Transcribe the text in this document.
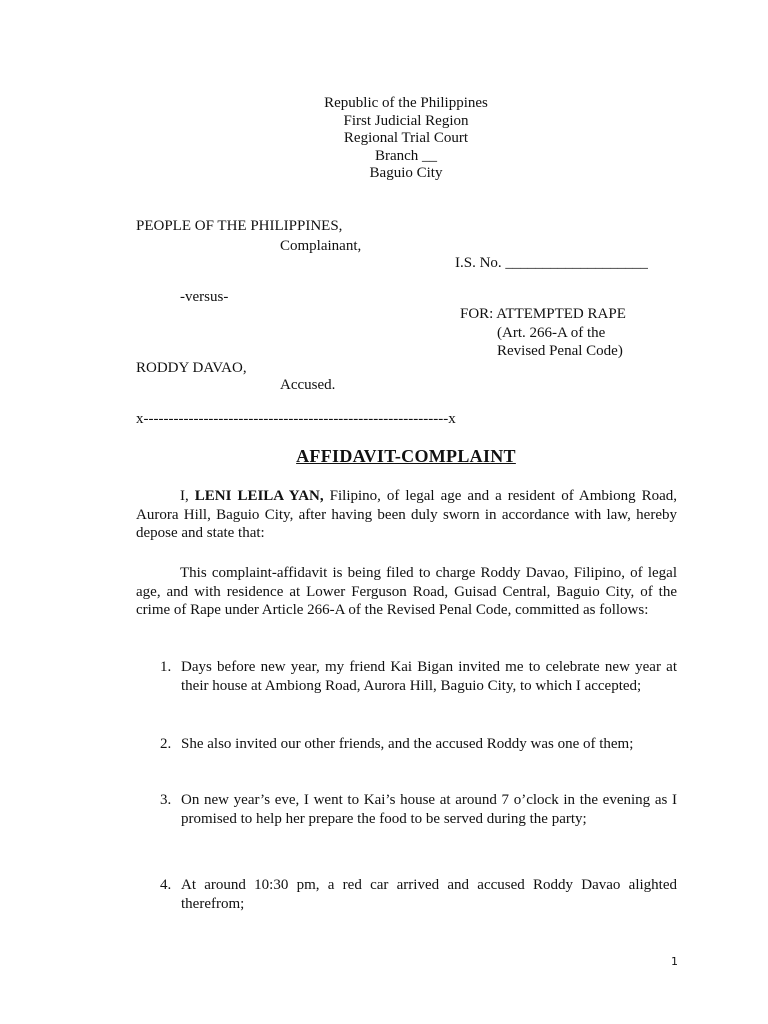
Republic of the Philippines
First Judicial Region
Regional Trial Court
Branch __
Baguio City
PEOPLE OF THE PHILIPPINES,
Complainant,
I.S. No. ___________________
-versus-
FOR: ATTEMPTED RAPE
(Art. 266-A of the
Revised Penal Code)
RODDY DAVAO,
Accused.
x-------------------------------------------------------------x
AFFIDAVIT-COMPLAINT
I, LENI LEILA YAN, Filipino, of legal age and a resident of Ambiong Road, Aurora Hill, Baguio City, after having been duly sworn in accordance with law, hereby depose and state that:
This complaint-affidavit is being filed to charge Roddy Davao, Filipino, of legal age, and with residence at Lower Ferguson Road, Guisad Central, Baguio City, of the crime of Rape under Article 266-A of the Revised Penal Code, committed as follows:
1. Days before new year, my friend Kai Bigan invited me to celebrate new year at their house at Ambiong Road, Aurora Hill, Baguio City, to which I accepted;
2. She also invited our other friends, and the accused Roddy was one of them;
3. On new year’s eve, I went to Kai’s house at around 7 o’clock in the evening as I promised to help her prepare the food to be served during the party;
4. At around 10:30 pm, a red car arrived and accused Roddy Davao alighted therefrom;
1
